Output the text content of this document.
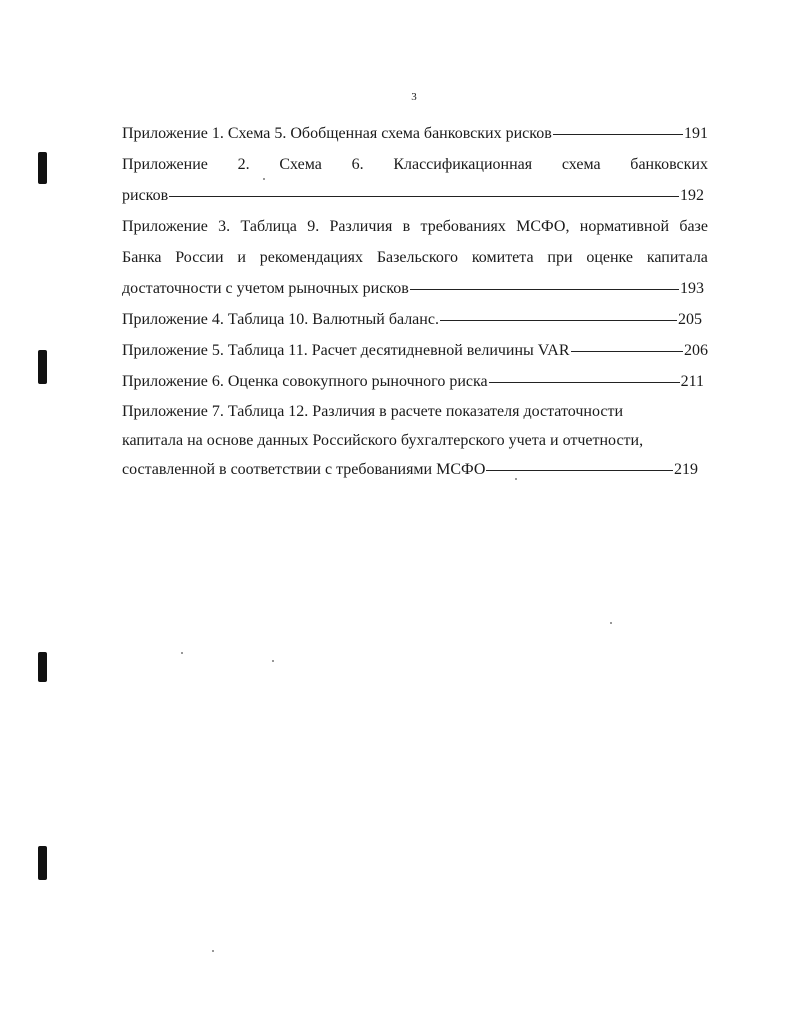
3
Приложение 1. Схема 5. Обобщенная схема банковских рисков	191
Приложение 2. Схема 6. Классификационная схема банковских
рисков	192
Приложение 3. Таблица 9. Различия в требованиях МСФО, нормативной базе
Банка России и рекомендациях Базельского комитета при оценке капитала
достаточности с учетом рыночных рисков	193
Приложение 4. Таблица 10. Валютный баланс.	205
Приложение 5. Таблица 11. Расчет десятидневной величины VAR	206
Приложение 6. Оценка совокупного рыночного риска	211
Приложение 7. Таблица 12. Различия в расчете показателя достаточности
капитала на основе данных Российского бухгалтерского учета и отчетности,
составленной в соответствии с требованиями МСФО	219
